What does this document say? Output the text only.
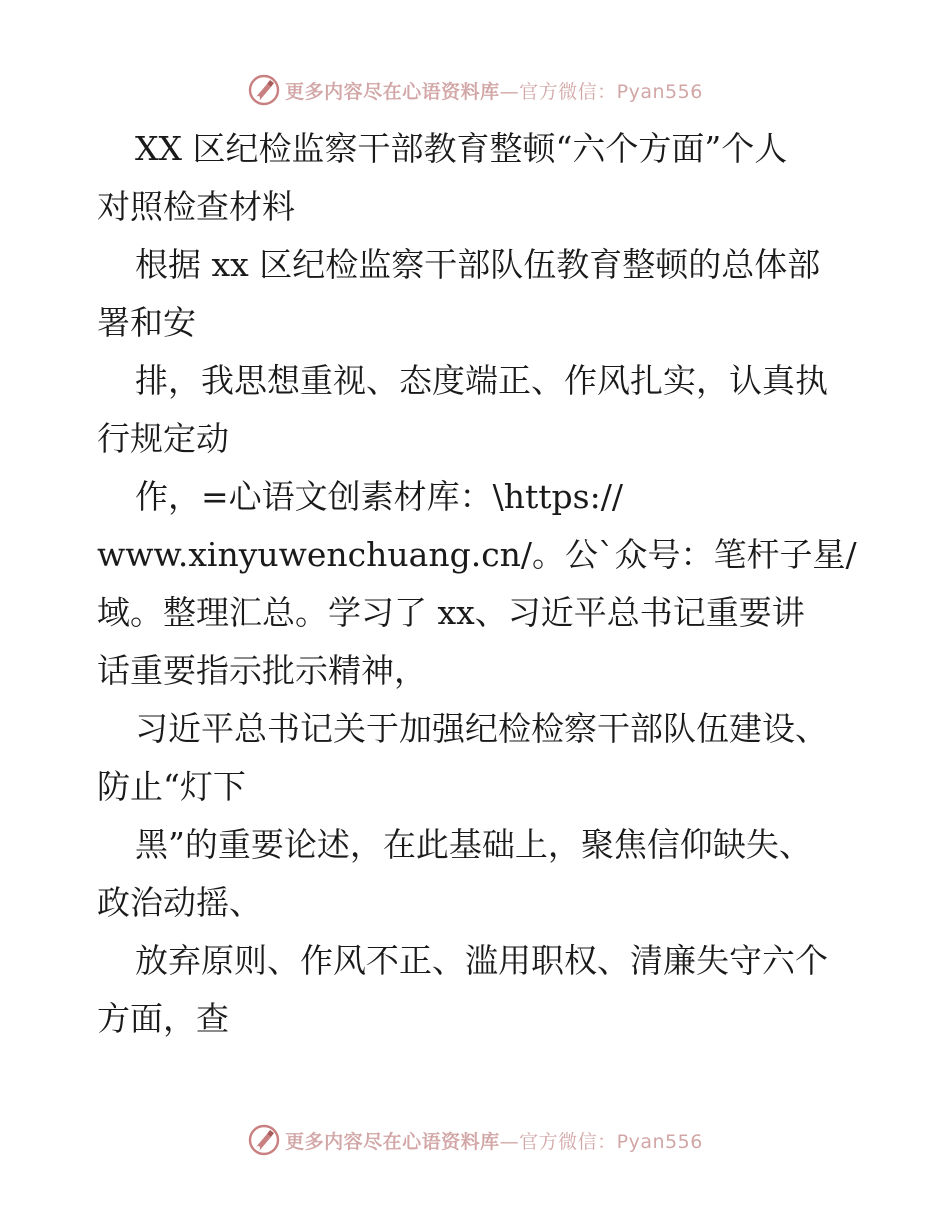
更多内容尽在心语资料库—官方微信：Pyan556
XX 区纪检监察干部教育整顿“六个方面”个人
对照检查材料
根据 xx 区纪检监察干部队伍教育整顿的总体部
署和安
排，我思想重视、态度端正、作风扎实，认真执
行规定动
作，=心语文创素材库：\https://
www.xinyuwenchuang.cn/。公`众号：笔杆子星/
域。整理汇总。学习了 xx、习近平总书记重要讲
话重要指示批示精神，
习近平总书记关于加强纪检检察干部队伍建设、
防止“灯下
黑”的重要论述，在此基础上，聚焦信仰缺失、
政治动摇、
放弃原则、作风不正、滥用职权、清廉失守六个
方面，查
更多内容尽在心语资料库—官方微信：Pyan556
